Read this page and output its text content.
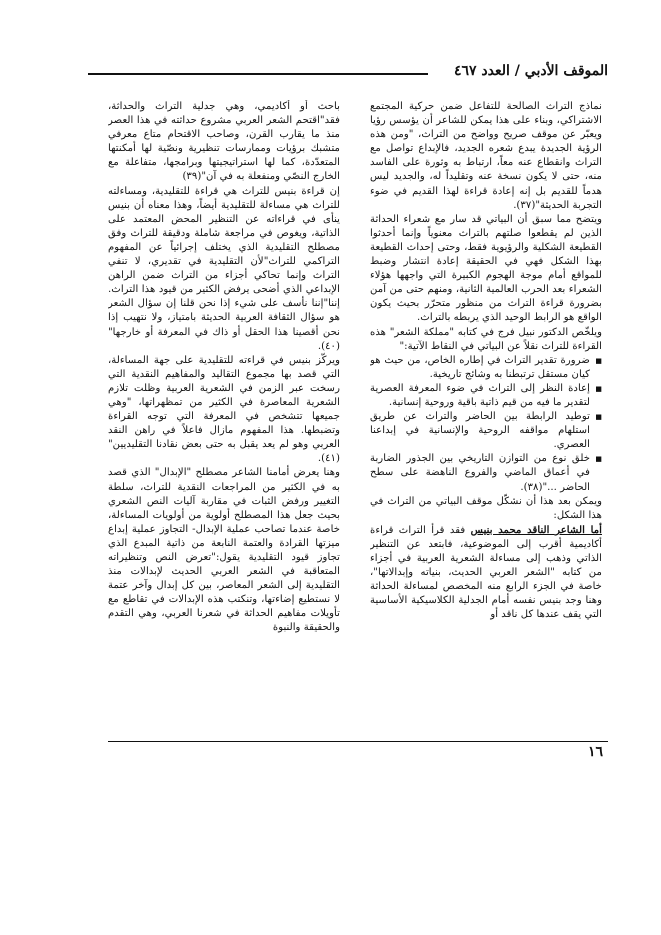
الموقف الأدبي / العدد ٤٦٧

نماذج التراث الصالحة للتفاعل ضمن حركية المجتمع الاشتراكي، وبناء على هذا يمكن للشاعر أن يؤسس رؤيا ويعبّر عن موقف صريح وواضح من التراث، "ومن هذه الرؤية الجديدة يبدع شعره الجديد، فالإبداع تواصل مع التراث وانقطاع عنه معاً، ارتباط به وثورة على الفاسد منه، حتى لا يكون نسخة عنه وتقليداً له، والجديد ليس هدماً للقديم بل إنه إعادة قراءة لهذا القديم في ضوء التجربة الحديثة"(٣٧).

ويتضح مما سبق أن البياتي قد سار مع شعراء الحداثة الذين لم يقطعوا صلتهم بالتراث معنوياً وإنما أحدثوا القطيعة الشكلية والرؤيوية فقط، وحتى إحداث القطيعة بهذا الشكل فهي في الحقيقة إعادة انتشار وضبط للمواقع أمام موجة الهجوم الكبيرة التي واجهها هؤلاء الشعراء بعد الحرب العالمية الثانية، ومنهم حتى من آمن بضرورة قراءة التراث من منظور متحرّر بحيث يكون الواقع هو الرابط الوحيد الذي يربطه بالتراث.

ويلخّص الدكتور نبيل فرج في كتابه "مملكة الشعر" هذه القراءة للتراث نقلاً عن البياتي في النقاط الآتية:"

■ ضرورة تقدير التراث في إطاره الخاص، من حيث هو كيان مستقل ترتبطنا به وشائج تاريخية.
■ إعادة النظر إلى التراث في ضوء المعرفة العصرية لتقدير ما فيه من قيم ذاتية باقية وروحية إنسانية.
■ توطيد الرابطة بين الحاضر والتراث عن طريق استلهام مواقفه الروحية والإنسانية في إبداعنا العصري.
■ خلق نوع من التوازن التاريخي بين الجذور الضاربة في أعماق الماضي والفروع الناهضة على سطح الحاضر ..."(٣٨).

ويمكن بعد هذا أن نشكّل موقف البياتي من التراث في هذا الشكل:

أما الشاعر الناقد محمد بنيس فقد قرأ التراث قراءة أكاديمية أقرب إلى الموضوعية، فابتعد عن التنظير الذاتي وذهب إلى مساءلة الشعرية العربية في أجزاء من كتابه "الشعر العربي الحديث، بنياته وإبدالاتها"، خاصة في الجزء الرابع منه المخصص لمساءلة الحداثة وهنا وجد بنيس نفسه أمام الجدلية الكلاسيكية الأساسية التي يقف عندها كل ناقد أو

باحث أو أكاديمي، وهي جدلية التراث والحداثة، فقد"اقتحم الشعر العربي مشروع حداثته في هذا العصر منذ ما يقارب القرن، وصاحب الاقتحام متاع معرفي متشبك برؤيات وممارسات تنظيرية ونصّية لها أمكنتها المتعدّدة، كما لها استراتيجيتها وبرامجها، متفاعلة مع الخارج النصّي ومنفعلة به في آن"(٣٩)

إن قراءة بنيس للتراث هي قراءة للتقليدية، ومساءلته للتراث هي مساءلة للتقليدية أيضاً، وهذا معناه أن بنيس ينأى في قراءاته عن التنظير المحض المعتمد على الذاتية، ويغوص في مراجعة شاملة ودقيقة للتراث وفق مصطلح التقليدية الذي يختلف إجرائياً عن المفهوم التراكمي للتراث"لأن التقليدية في تقديري، لا تنفي التراث وإنما تحاكي أجزاء من التراث ضمن الراهن الإبداعي الذي أضحى يرفض الكثير من قيود هذا التراث. إننا"إننا نأسف على شيء إذا نحن قلنا إن سؤال الشعر هو سؤال الثقافة العربية الحديثة بامتياز، ولا نتهيب إذا نحن أقصينا هذا الحقل أو ذاك في المعرفة أو خارجها"(٤٠).

ويركّز بنيس في قراءته للتقليدية على جهة المساءلة، التي قصد بها مجموع التقاليد والمفاهيم النقدية التي رسخت عبر الزمن في الشعرية العربية وظلت تلازم الشعرية المعاصرة في الكثير من تمظهراتها، "وهي جميعها تتشخص في المعرفة التي توجه القراءة وتضبطها. هذا المفهوم مازال فاعلاً في راهن النقد العربي وهو لم يعد يقبل به حتى بعض نقادنا التقليديين"(٤١).

وهنا يعرض أمامنا الشاعر مصطلح "الإبدال" الذي قصد به في الكثير من المراجعات النقدية للتراث، سلطة التغيير ورفض الثبات في مقاربة آليات النص الشعري بحيث جعل هذا المصطلح أولوية من أولويات المساءلة، خاصة عندما تصاحب عملية الإبدال- التجاوز عملية إبداع ميزتها القرادة والعتمة النابعة من ذاتية المبدع الذي تجاوز قيود التقليدية يقول:"تعرض النص وتنظيراته المتعاقبة في الشعر العربي الحديث لإبدالات منذ التقليدية إلى الشعر المعاصر، بين كل إبدال وآخر عتمة لا نستطيع إضاءتها، وتنكتب هذه الإبدالات في تقاطع مع تأويلات مفاهيم الحداثة في شعرنا العربي، وهي التقدم والحقيقة والنبوة

١٦
